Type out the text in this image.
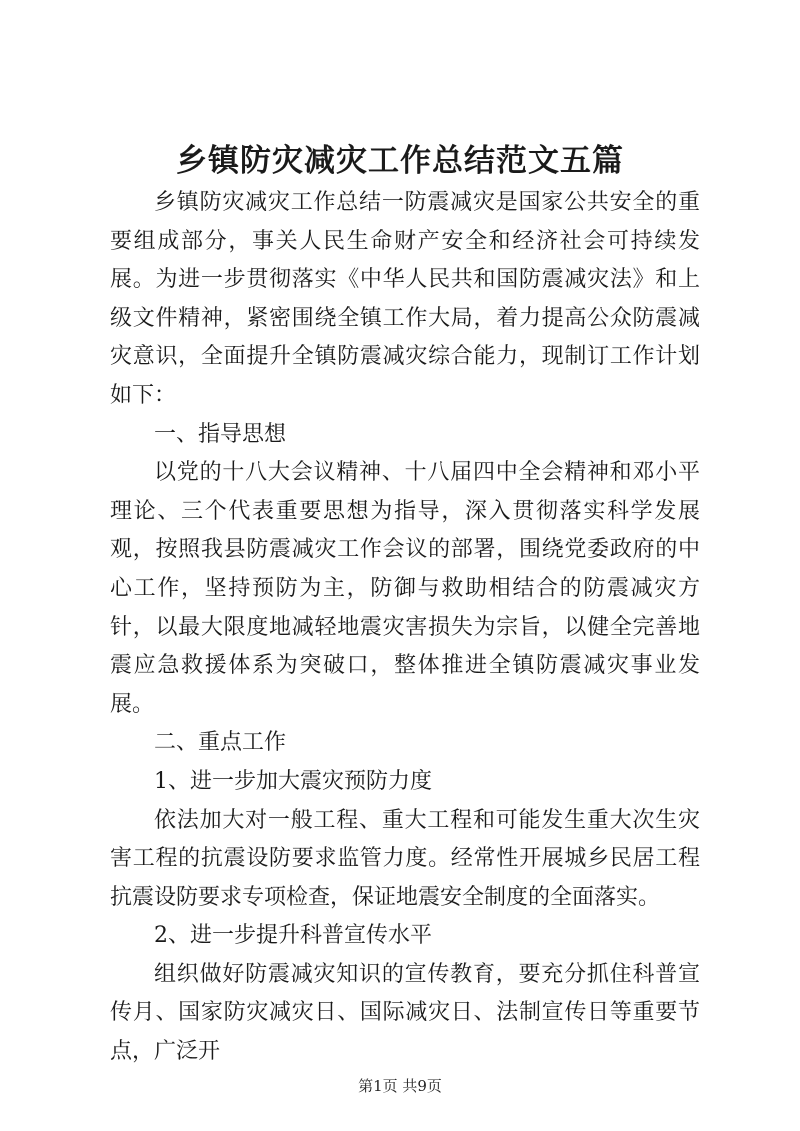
乡镇防灾减灾工作总结范文五篇

乡镇防灾减灾工作总结一防震减灾是国家公共安全的重要组成部分，事关人民生命财产安全和经济社会可持续发展。为进一步贯彻落实《中华人民共和国防震减灾法》和上级文件精神，紧密围绕全镇工作大局，着力提高公众防震减灾意识，全面提升全镇防震减灾综合能力，现制订工作计划如下：

一、指导思想

以党的十八大会议精神、十八届四中全会精神和邓小平理论、三个代表重要思想为指导，深入贯彻落实科学发展观，按照我县防震减灾工作会议的部署，围绕党委政府的中心工作，坚持预防为主，防御与救助相结合的防震减灾方针，以最大限度地减轻地震灾害损失为宗旨，以健全完善地震应急救援体系为突破口，整体推进全镇防震减灾事业发展。

二、重点工作

1、进一步加大震灾预防力度

依法加大对一般工程、重大工程和可能发生重大次生灾害工程的抗震设防要求监管力度。经常性开展城乡民居工程抗震设防要求专项检查，保证地震安全制度的全面落实。

2、进一步提升科普宣传水平

组织做好防震减灾知识的宣传教育，要充分抓住科普宣传月、国家防灾减灾日、国际减灾日、法制宣传日等重要节点，广泛开

第1页 共9页
